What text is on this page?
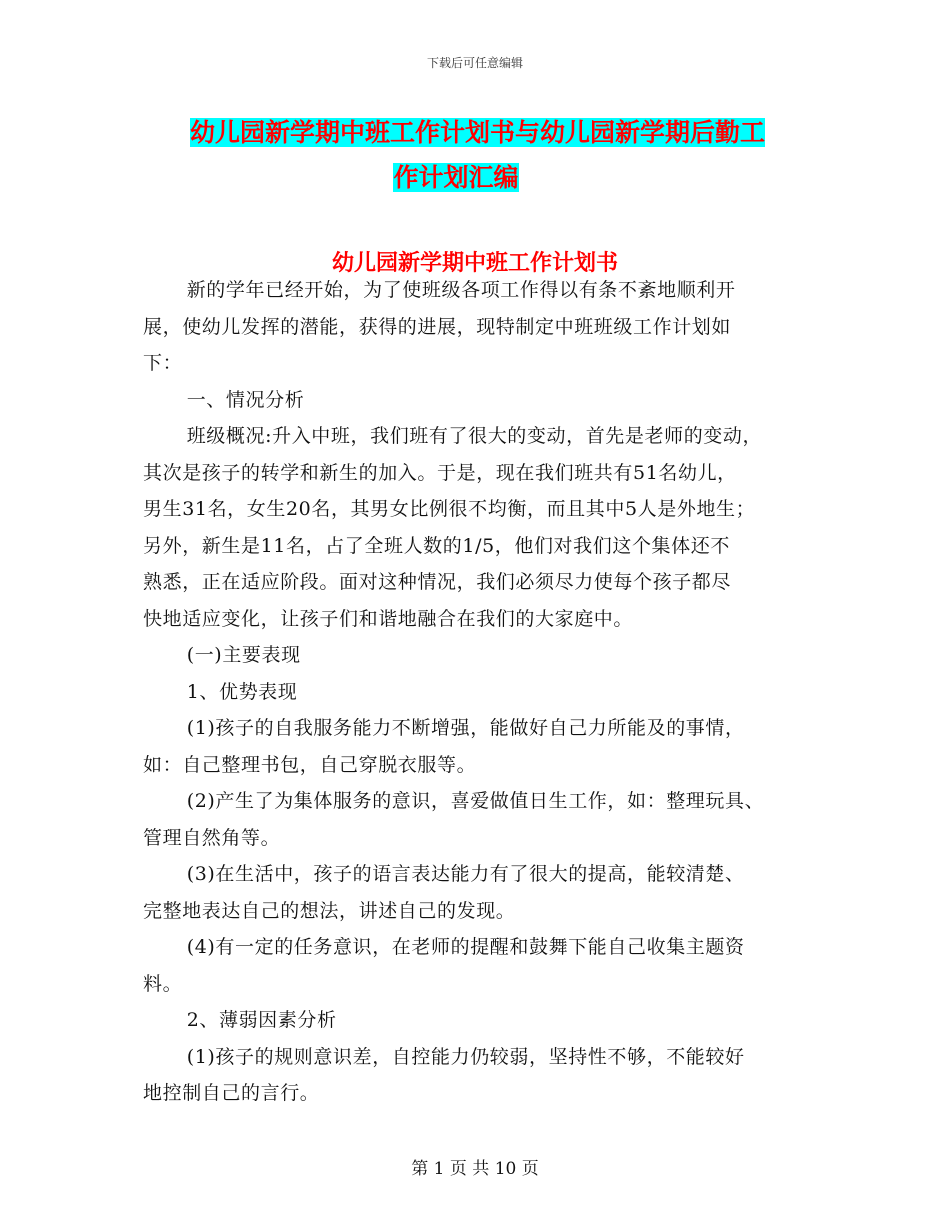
下载后可任意编辑
幼儿园新学期中班工作计划书与幼儿园新学期后勤工
作计划汇编
幼儿园新学期中班工作计划书

新的学年已经开始，为了使班级各项工作得以有条不紊地顺利开

展，使幼儿发挥的潜能，获得的进展，现特制定中班班级工作计划如

下：

一、情况分析

班级概况:升入中班，我们班有了很大的变动，首先是老师的变动，

其次是孩子的转学和新生的加入。于是，现在我们班共有51名幼儿，

男生31名，女生20名，其男女比例很不均衡，而且其中5人是外地生；

另外，新生是11名，占了全班人数的1/5，他们对我们这个集体还不

熟悉，正在适应阶段。面对这种情况，我们必须尽力使每个孩子都尽

快地适应变化，让孩子们和谐地融合在我们的大家庭中。

(一)主要表现

1、优势表现

(1)孩子的自我服务能力不断增强，能做好自己力所能及的事情，

如：自己整理书包，自己穿脱衣服等。

(2)产生了为集体服务的意识，喜爱做值日生工作，如：整理玩具、

管理自然角等。

(3)在生活中，孩子的语言表达能力有了很大的提高，能较清楚、

完整地表达自己的想法，讲述自己的发现。

(4)有一定的任务意识，在老师的提醒和鼓舞下能自己收集主题资

料。

2、薄弱因素分析

(1)孩子的规则意识差，自控能力仍较弱，坚持性不够，不能较好

地控制自己的言行。

第 1 页 共 10 页
